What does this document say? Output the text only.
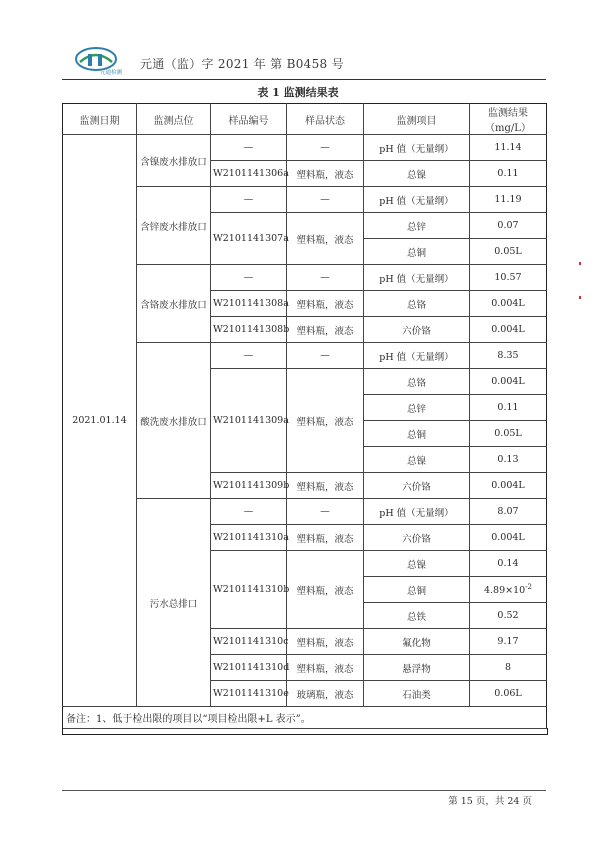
元通检测
元通（监）字 2021 年 第 B0458 号
表 1 监测结果表
监测日期	监测点位	样品编号	样品状态	监测项目	监测结果（mg/L）
2021.01.14	含镍废水排放口	—	—	pH 值（无量纲）	11.14
		W2101141306a	塑料瓶，液态	总镍	0.11
	含锌废水排放口	—	—	pH 值（无量纲）	11.19
		W2101141307a	塑料瓶，液态	总锌	0.07
				总铜	0.05L
	含铬废水排放口	—	—	pH 值（无量纲）	10.57
		W2101141308a	塑料瓶，液态	总铬	0.004L
		W2101141308b	塑料瓶，液态	六价铬	0.004L
	酸洗废水排放口	—	—	pH 值（无量纲）	8.35
		W2101141309a	塑料瓶，液态	总铬	0.004L
				总锌	0.11
				总铜	0.05L
				总镍	0.13
		W2101141309b	塑料瓶，液态	六价铬	0.004L
	污水总排口	—	—	pH 值（无量纲）	8.07
		W2101141310a	塑料瓶，液态	六价铬	0.004L
		W2101141310b	塑料瓶，液态	总镍	0.14
				总铜	$4.89\times 10^{-2}$
				总铁	0.52
		W2101141310c	塑料瓶，液态	氟化物	9.17
		W2101141310d	塑料瓶，液态	悬浮物	8
		W2101141310e	玻璃瓶，液态	石油类	0.06L
备注：1、低于检出限的项目以“项目检出限+L 表示”。					
第 15 页，共 24 页
